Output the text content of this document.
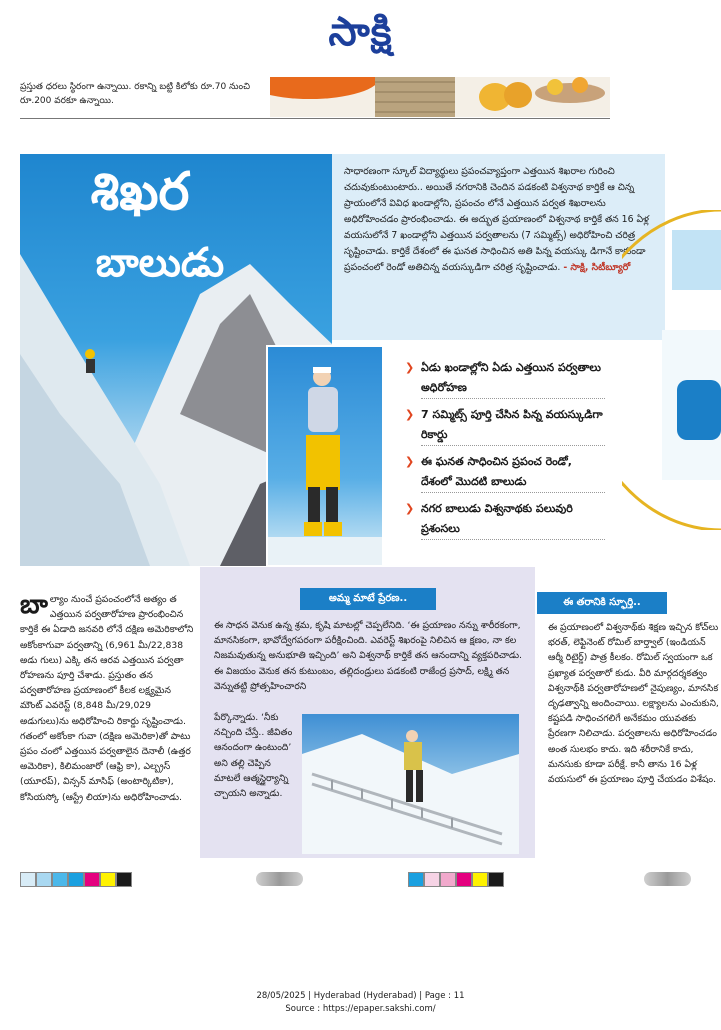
సాక్షి
ప్రస్తుత ధరలు స్థిరంగా ఉన్నాయి. రకాన్ని బట్టి కిలోకు రూ.70 నుంచి రూ.200 వరకూ ఉన్నాయి.
శిఖర
బాలుడు
సాధారణంగా స్కూల్ విద్యార్థులు ప్రపంచవ్యాప్తంగా ఎత్తయిన శిఖరాల గురించి చదువుకుంటుంటారు.. అయితే నగరానికి చెందిన పడకంటి విశ్వనాథ కార్తికే ఆ చిన్న ప్రాయంలోనే వివిధ ఖండాల్లోని, ప్రపంచం లోనే ఎత్తయిన పర్వత శిఖరాలను అధిరోహించడం ప్రారంభించాడు. ఈ అద్భుత ప్రయాణంలో విశ్వనాథ కార్తికే తన 16 ఏళ్ల వయసులోనే 7 ఖండాల్లోని ఎత్తయిన పర్వతాలను (7 సమ్మిట్స్) అధిరోహించి చరిత్ర సృష్టించాడు. కార్తికే దేశంలో ఈ ఘనత సాధించిన అతి పిన్న వయస్కు డిగానే కాకుండా ప్రపంచంలో రెండో అతిచిన్న వయస్కుడిగా చరిత్ర సృష్టించాడు. - సాక్షి, సిటీబ్యూరో
❯ ఏడు ఖండాల్లోని ఏడు ఎత్తయిన పర్వతాలు అధిరోహణ
❯ 7 సమ్మిట్స్ పూర్తి చేసిన పిన్న వయస్కుడిగా రికార్డు
❯ ఈ ఘనత సాధించిన ప్రపంచ రెండో, దేశంలో మొదటి బాలుడు
❯ నగర బాలుడు విశ్వనాథకు పలువురి ప్రశంసలు
బా ల్యాం నుంచే ప్రపంచంలోనే అత్యం త ఎత్తయిన పర్వతారోహణ ప్రారంభించిన కార్తికే ఈ ఏడాది జనవరి లోనే దక్షిణ అమెరికాలోని అకోంకాగువా పర్వతాన్ని (6,961 మీ/22,838 అడు గులు) ఎక్కి తన ఆరవ ఎత్తయిన పర్వతా రోహణను పూర్తి చేశాడు. ప్రస్తుతం తన పర్వతారోహణ ప్రయాణంలో కీలక లక్ష్యమైన మౌంట్ ఎవరెస్ట్ (8,848 మీ/29,029 అడుగులు)ను అధిరోహించి రికార్డు సృష్టించాడు. గతంలో అకోంకా గువా (దక్షిణ అమెరికా)తో పాటు ప్రపం చంలో ఎత్తయిన పర్వతాలైన దెనాలీ (ఉత్తర అమెరికా), కిలిమంజారో (ఆఫ్రి కా), ఎల్బ్రస్ (యూరప్), విన్సన్ మాసిఫ్ (అంటార్కిటికా), కోసియస్కో (ఆస్ట్రే లియా)ను అధిరోహించాడు.
అమ్మ మాటే ప్రేరణ..
ఈ సాధన వెనుక ఉన్న శ్రమ, కృషి మాటల్లో చెప్పలేనిది. ‘ఈ ప్రయాణం నన్ను శారీరకంగా, మానసికంగా, భావోద్వేగపరంగా పరీక్షించింది. ఎవరెస్ట్ శిఖరంపై నిలిచిన ఆ క్షణం, నా కల నిజమవుతున్న అనుభూతి ఇచ్చింది’ అని విశ్వనాథ్ కార్తికే తన ఆనందాన్ని వ్యక్తపరిచాడు. ఈ విజయం వెనుక తన కుటుంబం, తల్లిదండ్రులు పడకంటి రాజేంద్ర ప్రసాద్, లక్ష్మి తన వెన్నుతట్టి ప్రోత్సహించారని
పేర్కొన్నాడు. ‘నీకు నచ్చింది చేస్తే.. జీవితం ఆనందంగా ఉంటుంది’ అని తల్లి చెప్పిన మాటలే ఆత్మస్థైర్యాన్ని చ్చాయని అన్నాడు.
ఈ తరానికి స్ఫూర్తి..
ఈ ప్రయాణంలో విశ్వనాథ్‌కు శిక్షణ ఇచ్చిన కోచ్‌లు భరత్, లెఫ్టినెంట్ రోమిల్ బార్త్వాల్ (ఇండియన్ ఆర్మీ రిటైర్డ్) పాత్ర కీలకం. రోమిల్ స్వయంగా ఒక ప్రఖ్యాత పర్వతారో కుడు. వీరి మార్గదర్శకత్వం విశ్వనాథ్‌కి పర్వతారోహణలో నైపుణ్యం, మానసిక దృఢత్వాన్ని అందించాయి. లక్ష్యాలను ఎంచుకుని, కష్టపడి సాధించగలిగే అనేకమం యువతకు ప్రేరణగా నిలిచాడు. పర్వతాలను అధిరోహించడం అంత సులభం కాదు. ఇది శరీరానికే కాదు, మనసుకు కూడా పరీక్షే. కానీ తాను 16 ఏళ్ల వయసులో ఈ ప్రయాణం పూర్తి చేయడం విశేషం.
28/05/2025 | Hyderabad (Hyderabad) | Page : 11
Source : https://epaper.sakshi.com/
